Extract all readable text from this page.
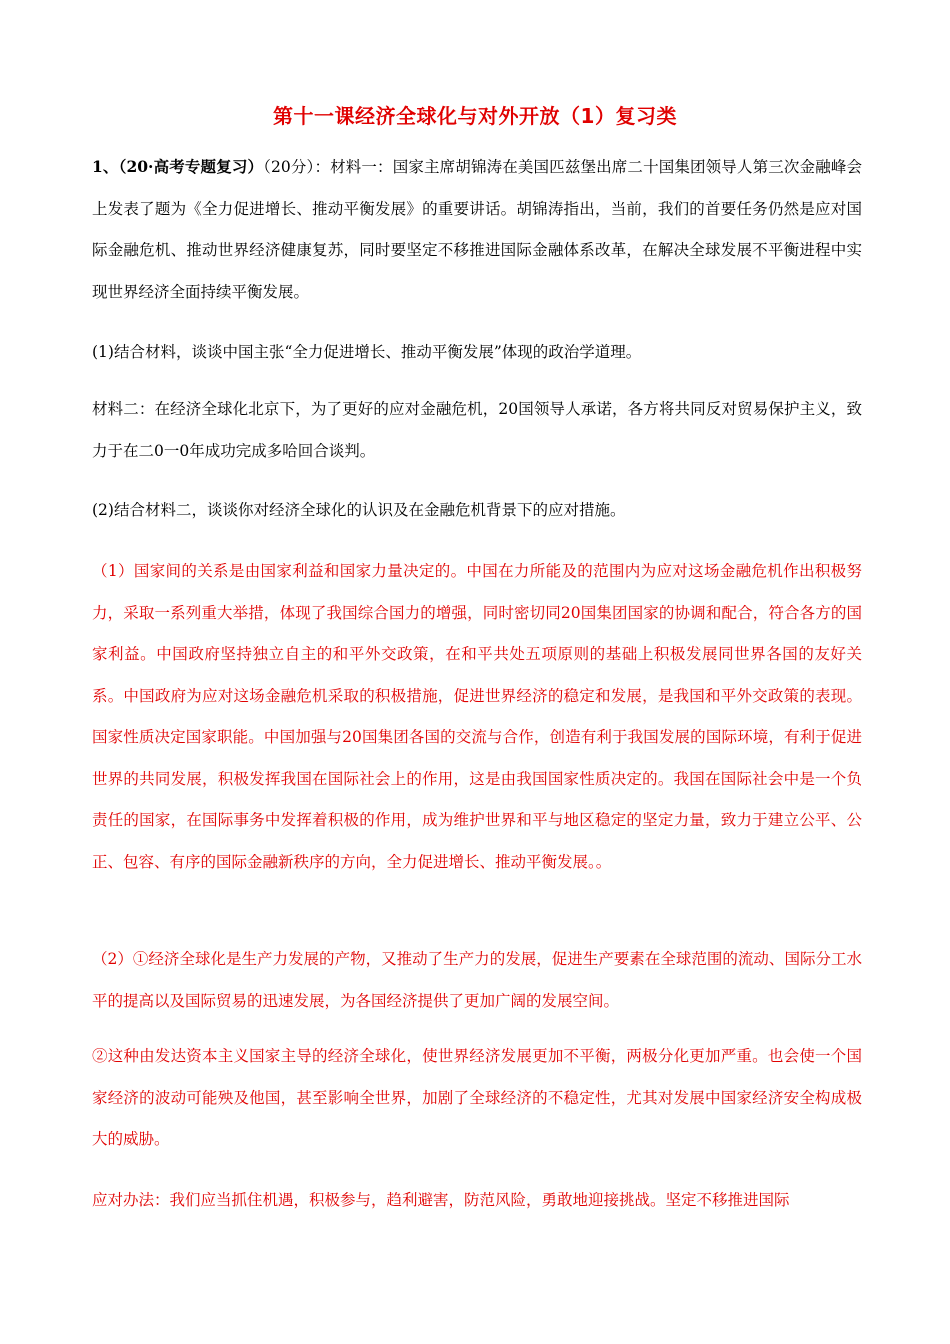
第十一课经济全球化与对外开放（1）复习类

1、（20·高考专题复习）（20分）：材料一：国家主席胡锦涛在美国匹兹堡出席二十国集团领导人第三次金融峰会上发表了题为《全力促进增长、推动平衡发展》的重要讲话。胡锦涛指出，当前，我们的首要任务仍然是应对国际金融危机、推动世界经济健康复苏，同时要坚定不移推进国际金融体系改革，在解决全球发展不平衡进程中实现世界经济全面持续平衡发展。

(1)结合材料，谈谈中国主张“全力促进增长、推动平衡发展”体现的政治学道理。

材料二：在经济全球化北京下，为了更好的应对金融危机，20国领导人承诺，各方将共同反对贸易保护主义，致力于在二0一0年成功完成多哈回合谈判。

(2)结合材料二，谈谈你对经济全球化的认识及在金融危机背景下的应对措施。

（1）国家间的关系是由国家利益和国家力量决定的。中国在力所能及的范围内为应对这场金融危机作出积极努力，采取一系列重大举措，体现了我国综合国力的增强，同时密切同20国集团国家的协调和配合，符合各方的国家利益。中国政府坚持独立自主的和平外交政策，在和平共处五项原则的基础上积极发展同世界各国的友好关系。中国政府为应对这场金融危机采取的积极措施，促进世界经济的稳定和发展，是我国和平外交政策的表现。国家性质决定国家职能。中国加强与20国集团各国的交流与合作，创造有利于我国发展的国际环境，有利于促进世界的共同发展，积极发挥我国在国际社会上的作用，这是由我国国家性质决定的。我国在国际社会中是一个负责任的国家，在国际事务中发挥着积极的作用，成为维护世界和平与地区稳定的坚定力量，致力于建立公平、公正、包容、有序的国际金融新秩序的方向，全力促进增长、推动平衡发展。。

（2）①经济全球化是生产力发展的产物，又推动了生产力的发展，促进生产要素在全球范围的流动、国际分工水平的提高以及国际贸易的迅速发展，为各国经济提供了更加广阔的发展空间。

②这种由发达资本主义国家主导的经济全球化，使世界经济发展更加不平衡，两极分化更加严重。也会使一个国家经济的波动可能殃及他国，甚至影响全世界，加剧了全球经济的不稳定性，尤其对发展中国家经济安全构成极大的威胁。

应对办法：我们应当抓住机遇，积极参与，趋利避害，防范风险，勇敢地迎接挑战。坚定不移推进国际
